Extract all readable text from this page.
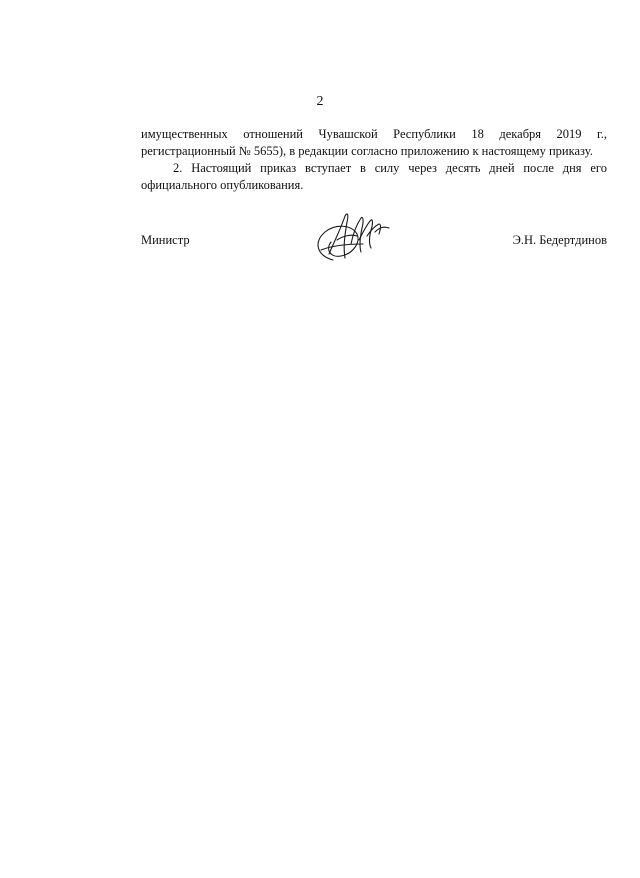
2
имущественных отношений Чувашской Республики 18 декабря 2019 г.,
регистрационный № 5655), в редакции согласно приложению к настоящему приказу.
2. Настоящий приказ вступает в силу через десять дней после дня его
официального опубликования.
Министр	Э.Н. Бедертдинов
